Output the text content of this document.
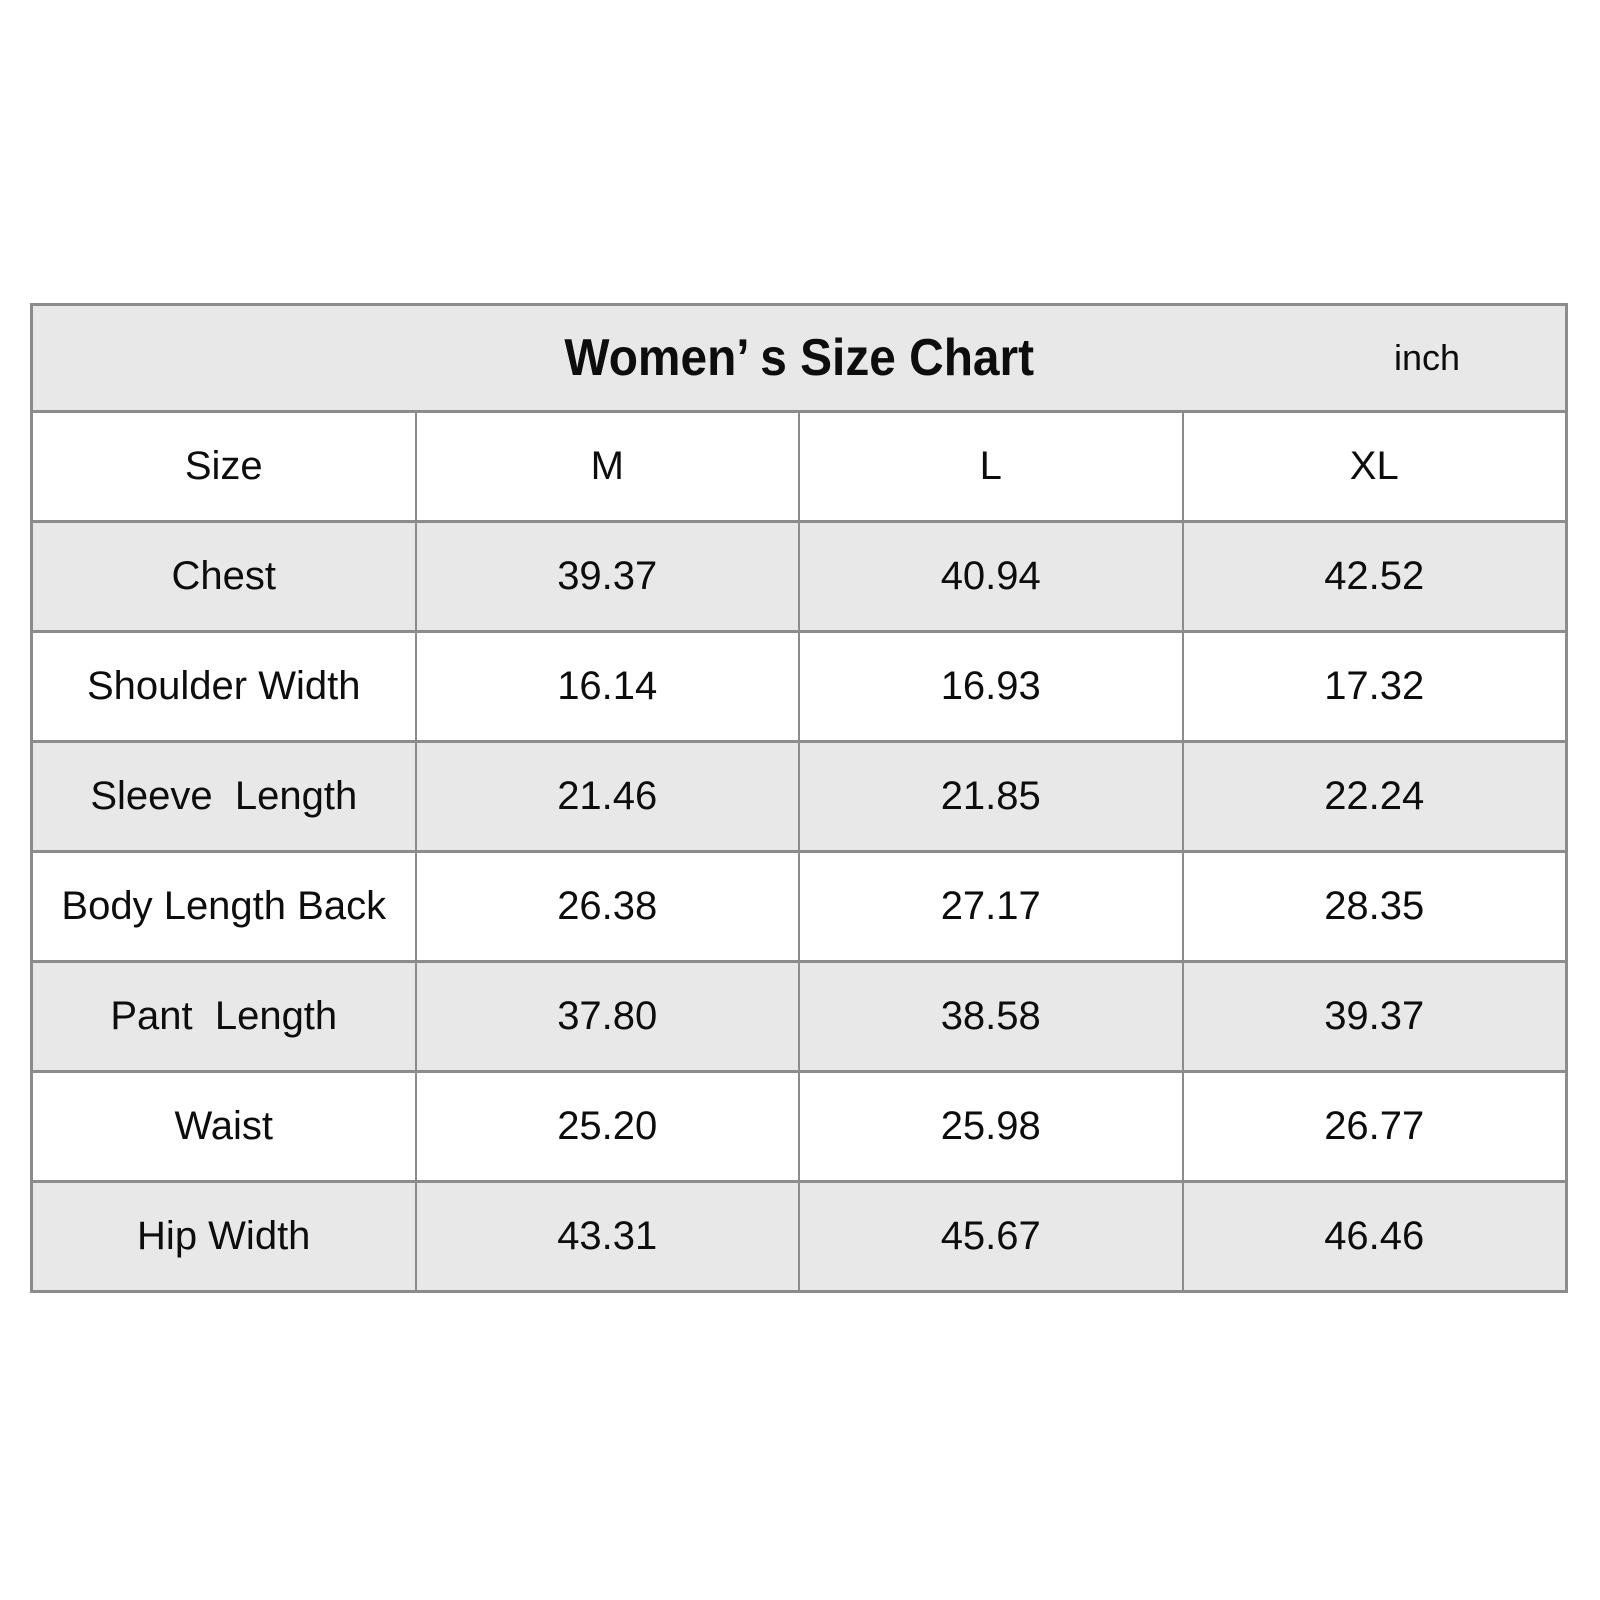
Women’ s Size Chart	inch
Size	M	L	XL
Chest	39.37	40.94	42.52
Shoulder Width	16.14	16.93	17.32
Sleeve  Length	21.46	21.85	22.24
Body Length Back	26.38	27.17	28.35
Pant  Length	37.80	38.58	39.37
Waist	25.20	25.98	26.77
Hip Width	43.31	45.67	46.46
